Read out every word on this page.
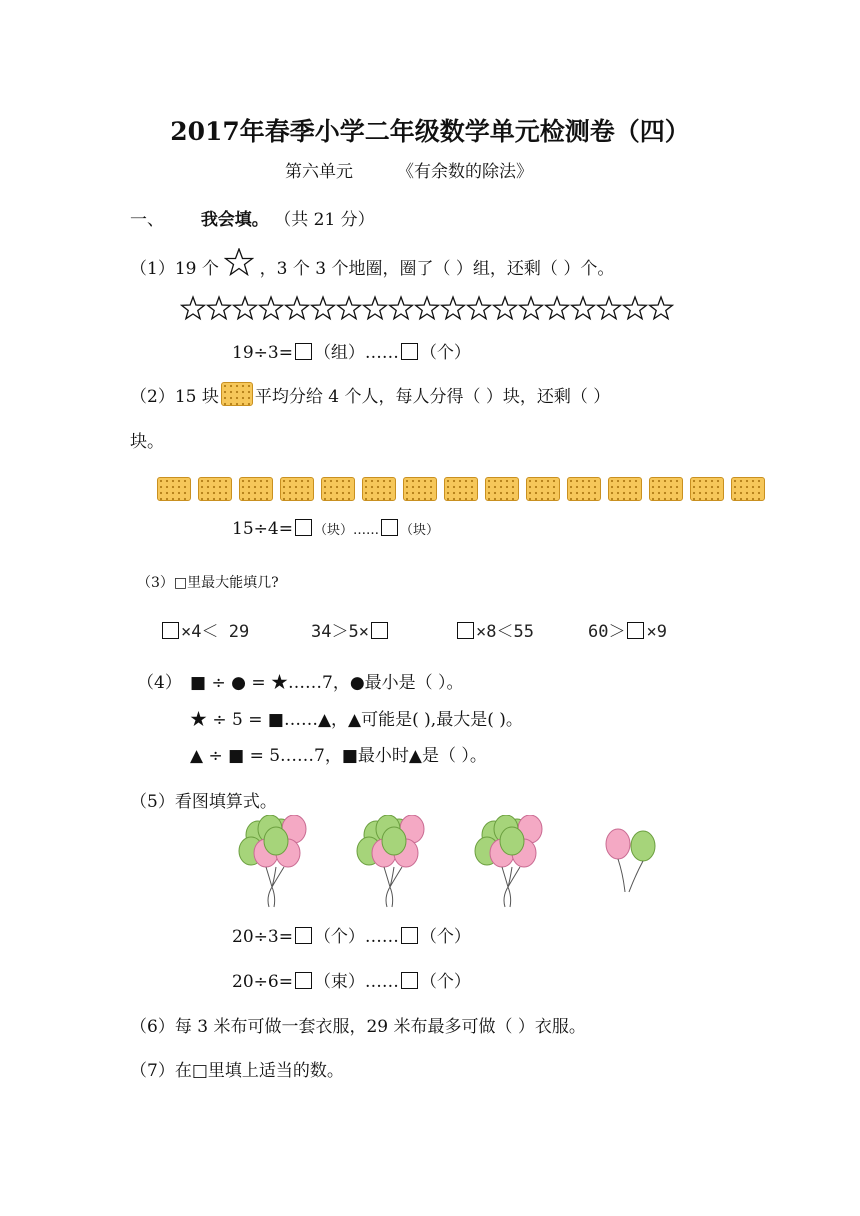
2017年春季小学二年级数学单元检测卷（四）
第六单元	《有余数的除法》
一、 我会填。 （共 21 分）
（1）19 个 ，3 个 3 个地圈，圈了（ ）组，还剩（ ）个。
19÷3= （组）…… （个）
（2）15 块 平均分给 4 个人，每人分得（ ）块，还剩（ ）
块。
15÷4= （块）…… （块）
（3）□里最大能填几?
×4＜ 29	34＞5×	×8＜55	60＞ ×9
（4） ■ ÷ ● = ★……7，●最小是（ ）。
★ ÷ 5 = ■……▲，▲可能是( ),最大是( )。
▲ ÷ ■ = 5……7，■最小时▲是（ ）。
（5）看图填算式。
20÷3= （个）…… （个）
20÷6= （束）…… （个）
（6）每 3 米布可做一套衣服，29 米布最多可做（ ）衣服。
（7）在□里填上适当的数。
